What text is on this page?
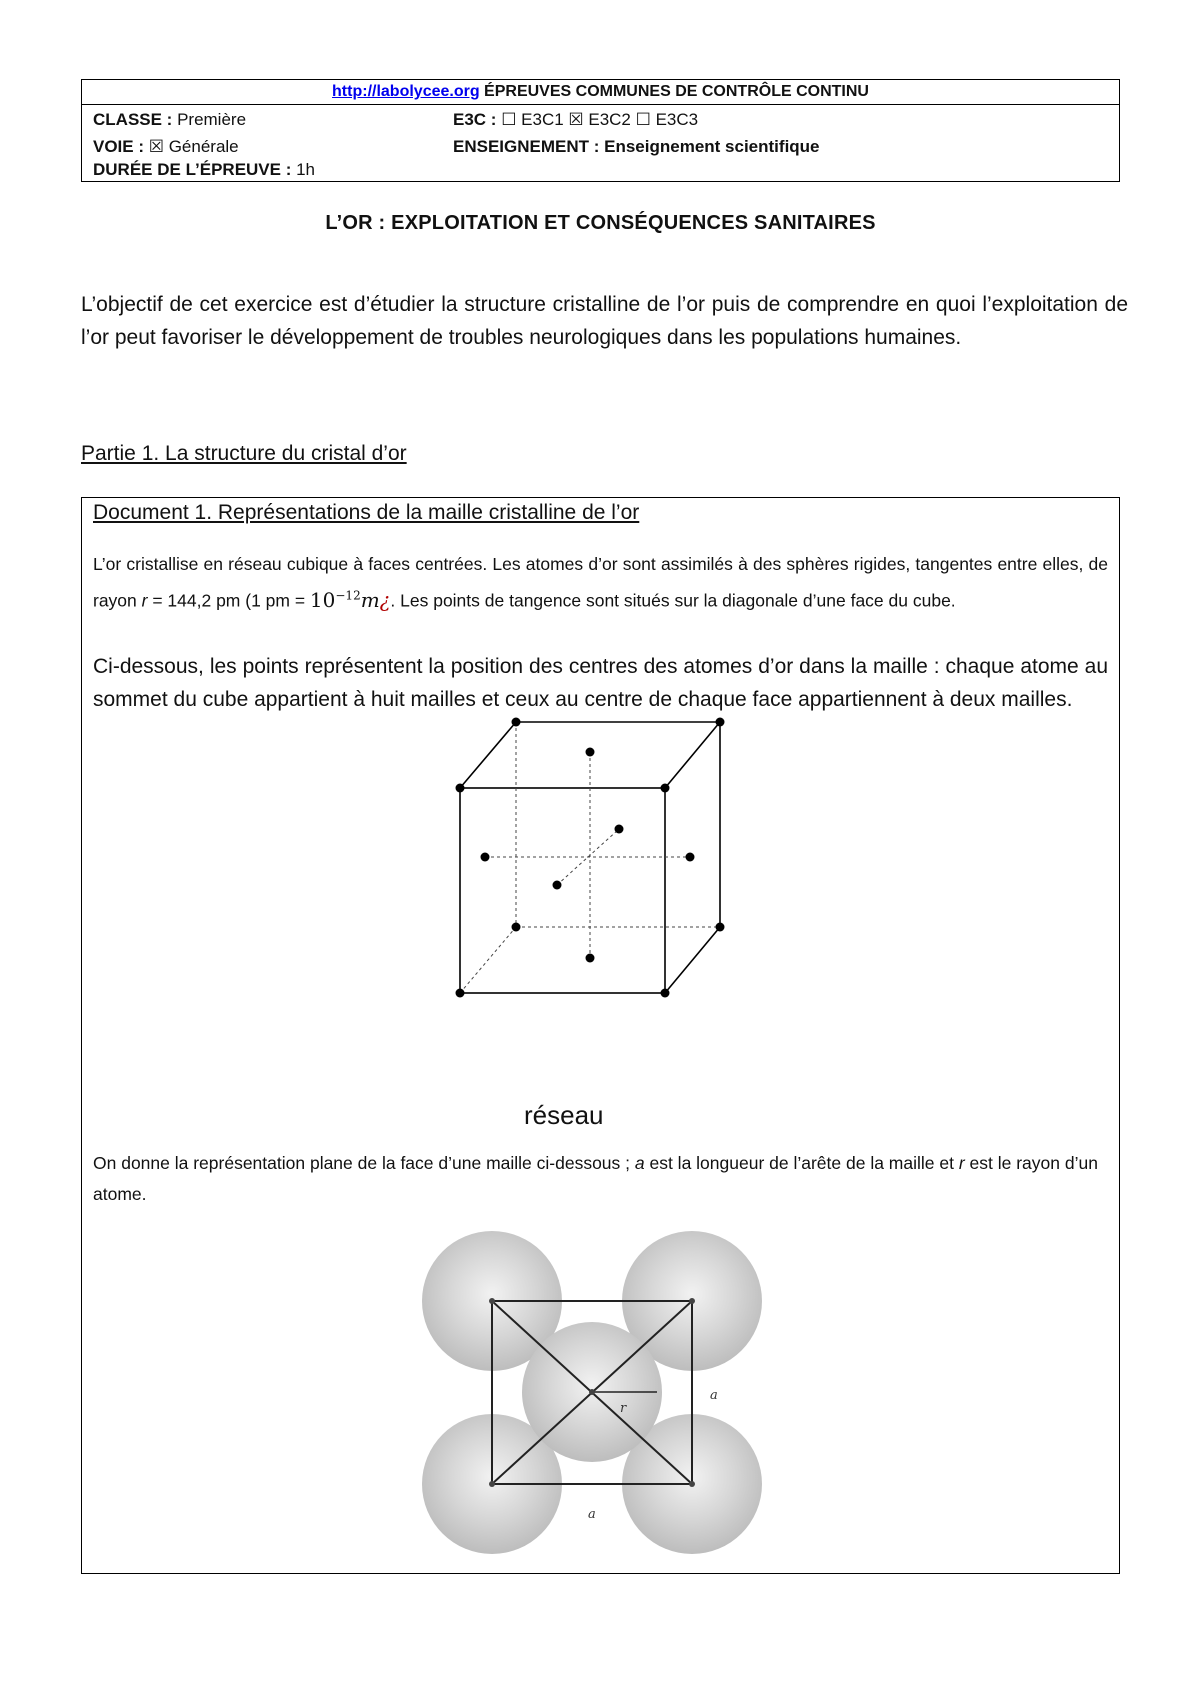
http://labolycee.org ÉPREUVES COMMUNES DE CONTRÔLE CONTINU
CLASSE : Première
VOIE : ☒ Générale
DURÉE DE L’ÉPREUVE : 1h
E3C : ☐ E3C1 ☒ E3C2 ☐ E3C3
ENSEIGNEMENT : Enseignement scientifique
L’OR : EXPLOITATION ET CONSÉQUENCES SANITAIRES
L’objectif de cet exercice est d’étudier la structure cristalline de l’or puis de comprendre en quoi l’exploitation de l’or peut favoriser le développement de troubles neurologiques dans les populations humaines.
Partie 1. La structure du cristal d’or
Document 1. Représentations de la maille cristalline de l’or
L’or cristallise en réseau cubique à faces centrées. Les atomes d’or sont assimilés à des sphères rigides, tangentes entre elles, de rayon r = 144,2 pm (1 pm = $10^{-12}m¿$. Les points de tangence sont situés sur la diagonale d’une face du cube.
Ci-dessous, les points représentent la position des centres des atomes d’or dans la maille : chaque atome au sommet du cube appartient à huit mailles et ceux au centre de chaque face appartiennent à deux mailles.
réseau
On donne la représentation plane de la face d’une maille ci-dessous ; a est la longueur de l’arête de la maille et r est le rayon d’un atome.
r
a
a
